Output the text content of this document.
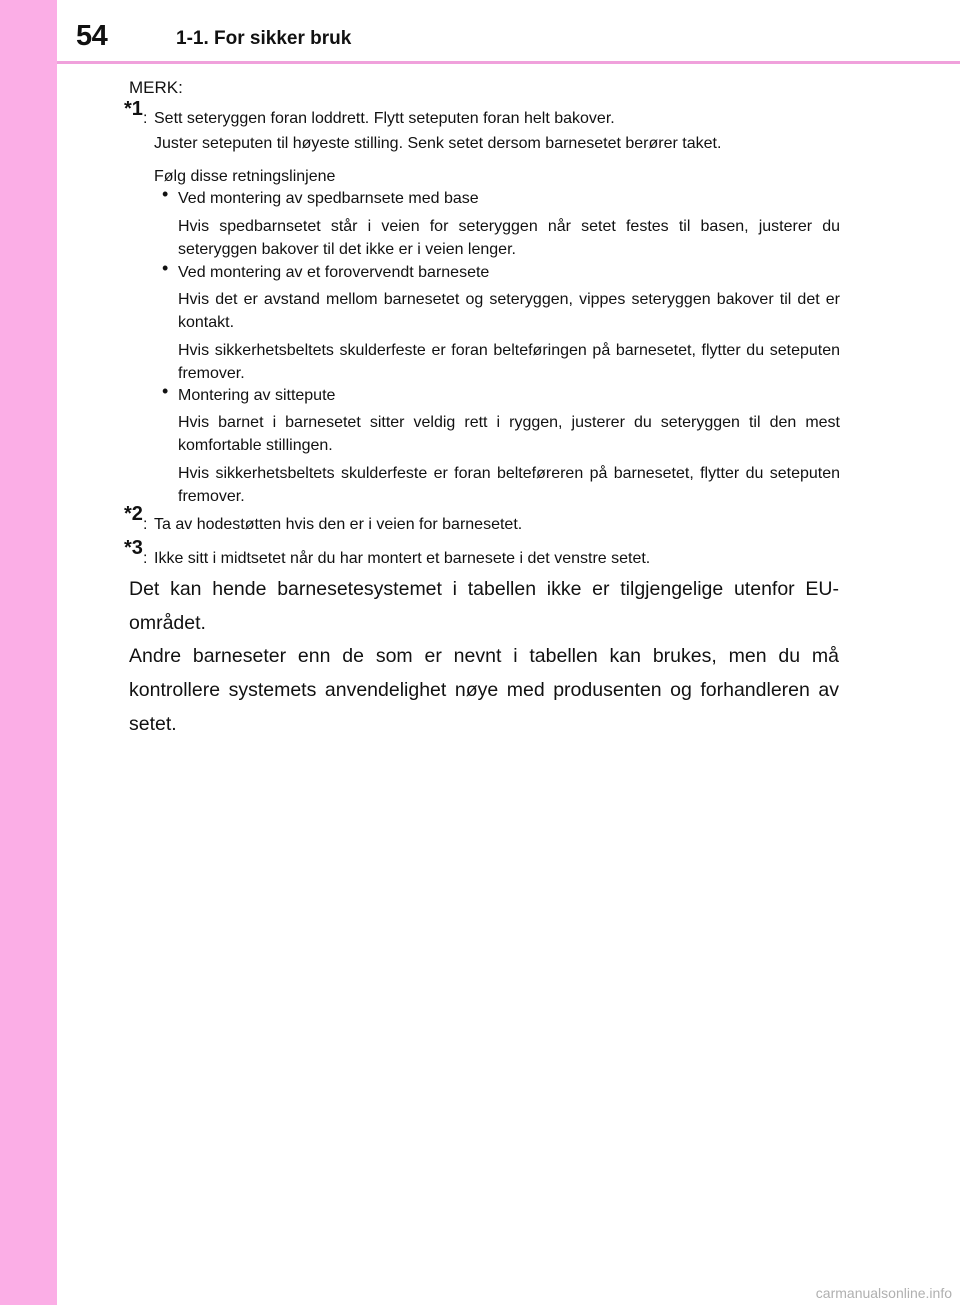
54	1-1. For sikker bruk
MERK:
*1 : Sett seteryggen foran loddrett. Flytt seteputen foran helt bakover.
Juster seteputen til høyeste stilling. Senk setet dersom barnesetet berører taket.
Følg disse retningslinjene
• Ved montering av spedbarnsete med base
Hvis spedbarnsetet står i veien for seteryggen når setet festes til basen, justerer du seteryggen bakover til det ikke er i veien lenger.
• Ved montering av et forovervendt barnesete
Hvis det er avstand mellom barnesetet og seteryggen, vippes seteryggen bakover til det er kontakt.
Hvis sikkerhetsbeltets skulderfeste er foran belteføringen på barnesetet, flytter du seteputen fremover.
• Montering av sittepute
Hvis barnet i barnesetet sitter veldig rett i ryggen, justerer du seteryggen til den mest komfortable stillingen.
Hvis sikkerhetsbeltets skulderfeste er foran belteføreren på barnesetet, flytter du seteputen fremover.
*2 : Ta av hodestøtten hvis den er i veien for barnesetet.
*3 : Ikke sitt i midtsetet når du har montert et barnesete i det venstre setet.
Det kan hende barnesetesystemet i tabellen ikke er tilgjengelige utenfor EU-området.
Andre barneseter enn de som er nevnt i tabellen kan brukes, men du må kontrollere systemets anvendelighet nøye med produsenten og forhandleren av setet.
carmanualsonline.info
